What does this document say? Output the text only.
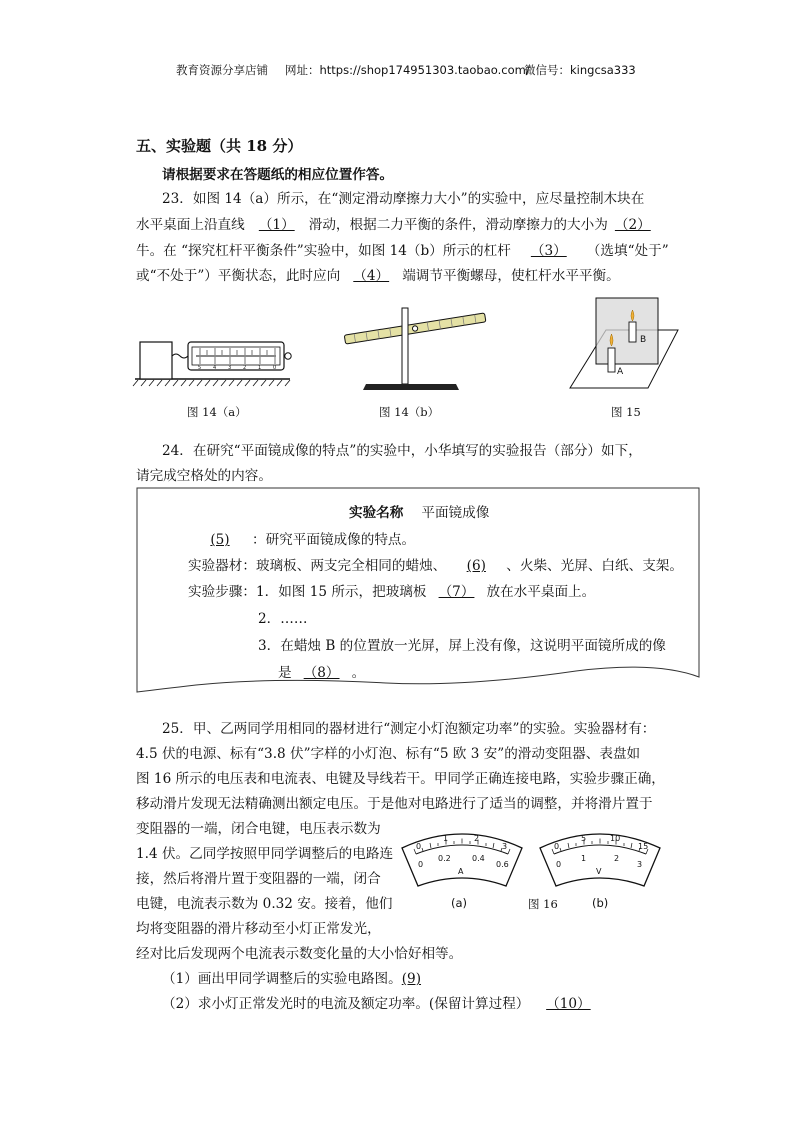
教育资源分享店铺 网址：https://shop174951303.taobao.com/
微信号：kingcsa333
五、实验题（共 18 分）
请根据要求在答题纸的相应位置作答。
23．如图 14（a）所示，在“测定滑动摩擦力大小”的实验中，应尽量控制木块在
水平桌面上沿直线 （1） 滑动，根据二力平衡的条件，滑动摩擦力的大小为 （2）
牛。在 “探究杠杆平衡条件”实验中，如图 14（b）所示的杠杆 （3） （选填“处于”
或“不处于”）平衡状态，此时应向 （4） 端调节平衡螺母，使杠杆水平平衡。
5 4 3 2 1 0
B
A
图 14（a）	图 14（b）	图 15
24．在研究“平面镜成像的特点”的实验中，小华填写的实验报告（部分）如下，
请完成空格处的内容。
实验名称 平面镜成像
(5) ：研究平面镜成像的特点。
实验器材：玻璃板、两支完全相同的蜡烛、 (6) 、火柴、光屏、白纸、支架。
实验步骤：1．如图 15 所示，把玻璃板 （7） 放在水平桌面上。
2．……
3．在蜡烛 B 的位置放一光屏，屏上没有像，这说明平面镜所成的像
是 （8） 。
25．甲、乙两同学用相同的器材进行“测定小灯泡额定功率”的实验。实验器材有：
4.5 伏的电源、标有“3.8 伏”字样的小灯泡、标有“5 欧 3 安”的滑动变阻器、表盘如
图 16 所示的电压表和电流表、电键及导线若干。甲同学正确连接电路，实验步骤正确，
移动滑片发现无法精确测出额定电压。于是他对电路进行了适当的调整，并将滑片置于
变阻器的一端，闭合电键，电压表示数为
1.4 伏。乙同学按照甲同学调整后的电路连
接，然后将滑片置于变阻器的一端，闭合
电键，电流表示数为 0.32 安。接着，他们
均将变阻器的滑片移动至小灯正常发光，
经对比后发现两个电流表示数变化量的大小恰好相等。
0
1	2
3
0
0.2	0.4
0.6
A
0
5	10
15
0
1	2
3
V
(a)	图 16	(b)
（1）画出甲同学调整后的实验电路图。(9)
（2）求小灯正常发光时的电流及额定功率。(保留计算过程） （10）
